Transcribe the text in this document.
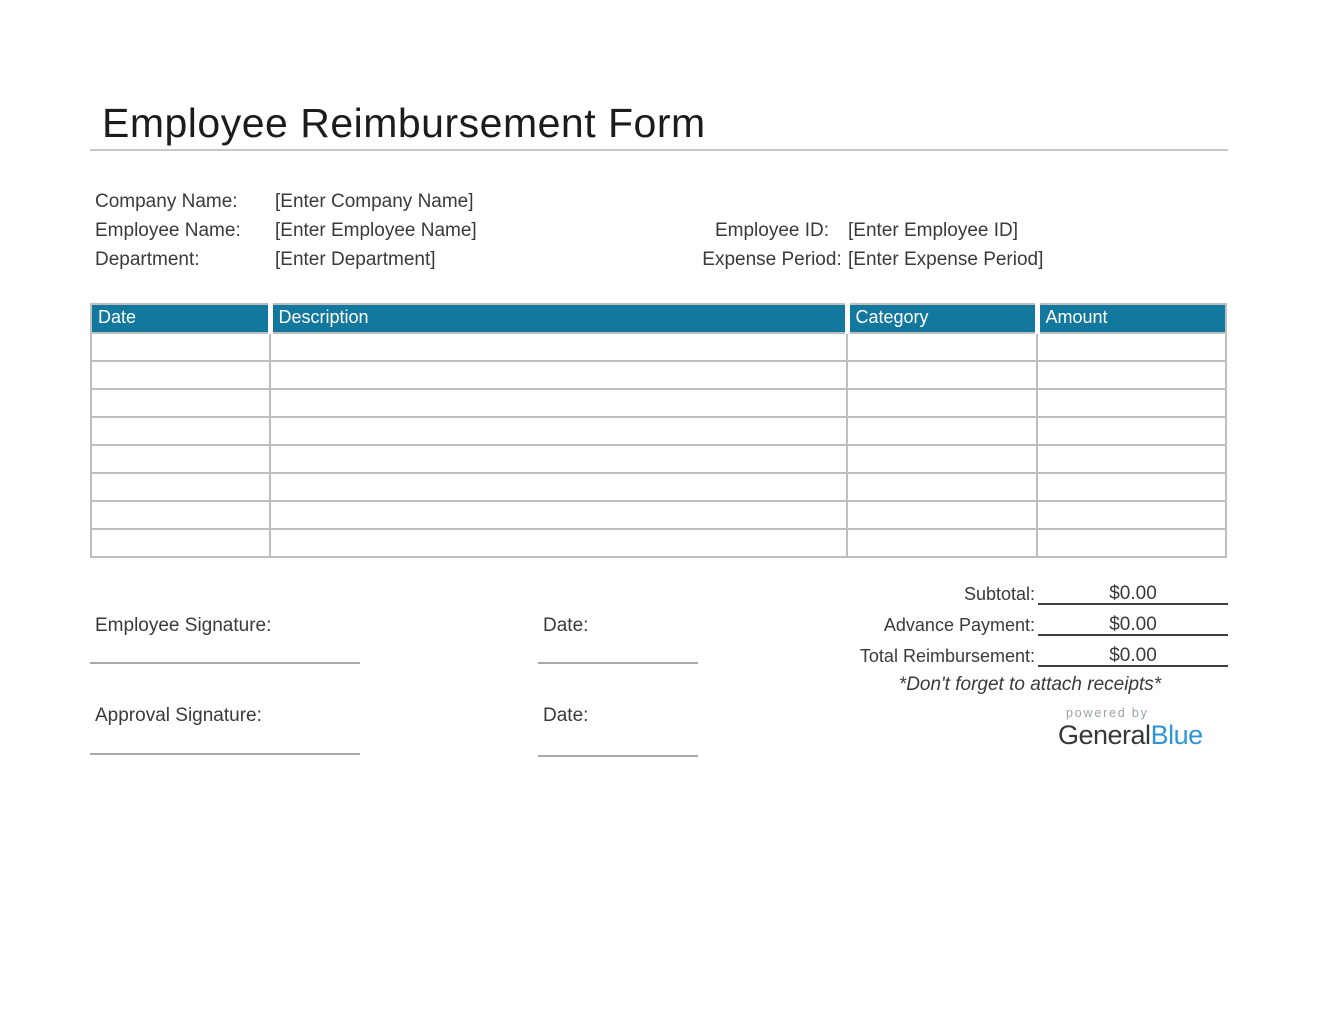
Employee Reimbursement Form
Company Name: [Enter Company Name]
Employee Name: [Enter Employee Name]
Department:	[Enter Department]
Employee ID: [Enter Employee ID]
Expense Period: [Enter Expense Period]
Date	Description	Category	Amount

Subtotal:	$0.00
Advance Payment:	$0.00
Total Reimbursement:	$0.00
*Don't forget to attach receipts*
Employee Signature:	Date:
Approval Signature:	Date:	powered by
GeneralBlue
